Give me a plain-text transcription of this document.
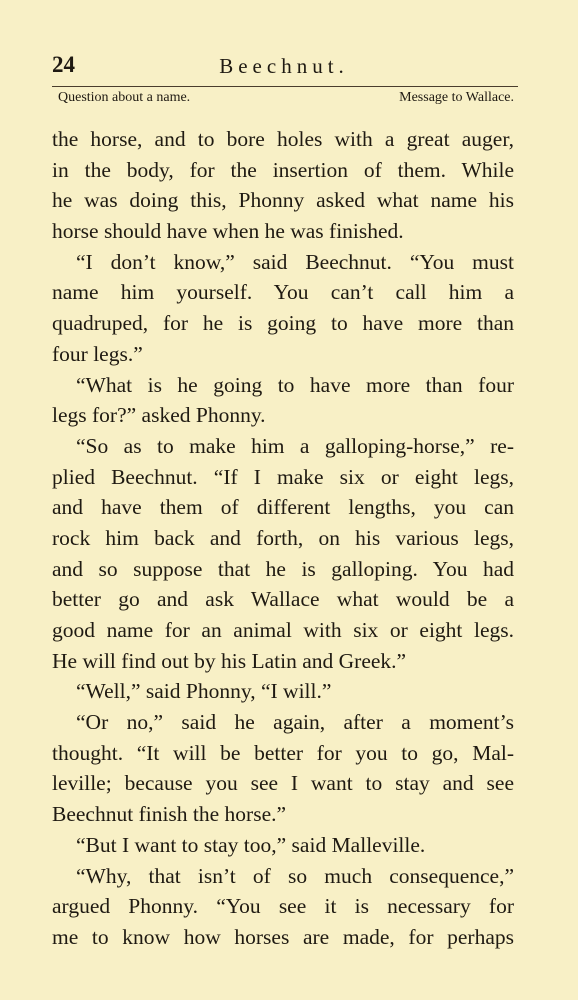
24	Beechnut.
Question about a name.	Message to Wallace.
the horse, and to bore holes with a great auger,
in the body, for the insertion of them. While
he was doing this, Phonny asked what name his
horse should have when he was finished.
“I don’t know,” said Beechnut. “You must
name him yourself. You can’t call him a
quadruped, for he is going to have more than
four legs.”
“What is he going to have more than four
legs for?” asked Phonny.
“So as to make him a galloping-horse,” re-
plied Beechnut. “If I make six or eight legs,
and have them of different lengths, you can
rock him back and forth, on his various legs,
and so suppose that he is galloping. You had
better go and ask Wallace what would be a
good name for an animal with six or eight legs.
He will find out by his Latin and Greek.”
“Well,” said Phonny, “I will.”
“Or no,” said he again, after a moment’s
thought. “It will be better for you to go, Mal-
leville; because you see I want to stay and see
Beechnut finish the horse.”
“But I want to stay too,” said Malleville.
“Why, that isn’t of so much consequence,”
argued Phonny. “You see it is necessary for
me to know how horses are made, for perhaps
